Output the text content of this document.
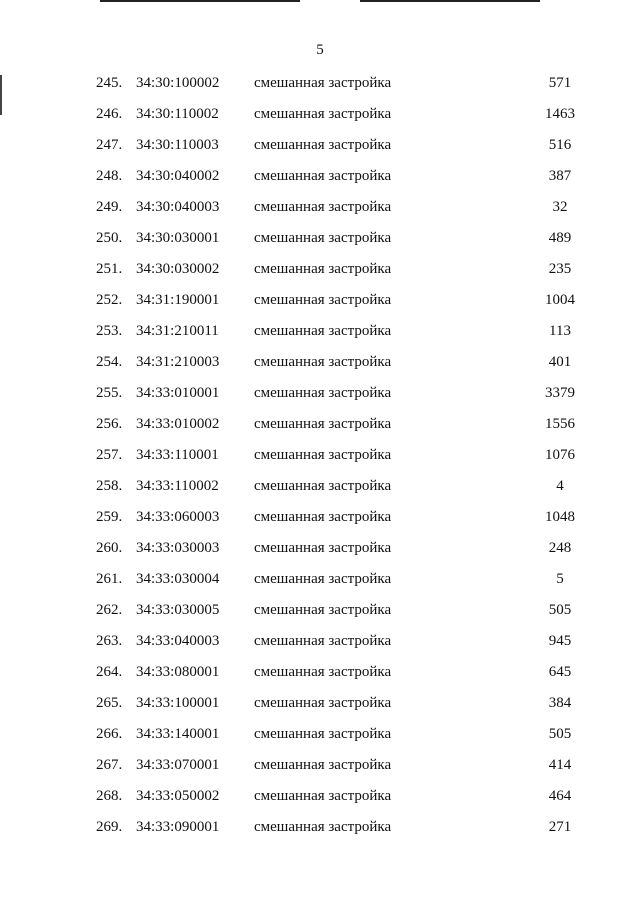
5
245. 34:30:100002	смешанная застройка	571
246. 34:30:110002	смешанная застройка	1463
247. 34:30:110003	смешанная застройка	516
248. 34:30:040002	смешанная застройка	387
249. 34:30:040003	смешанная застройка	32
250. 34:30:030001	смешанная застройка	489
251. 34:30:030002	смешанная застройка	235
252. 34:31:190001	смешанная застройка	1004
253. 34:31:210011	смешанная застройка	113
254. 34:31:210003	смешанная застройка	401
255. 34:33:010001	смешанная застройка	3379
256. 34:33:010002	смешанная застройка	1556
257. 34:33:110001	смешанная застройка	1076
258. 34:33:110002	смешанная застройка	4
259. 34:33:060003	смешанная застройка	1048
260. 34:33:030003	смешанная застройка	248
261. 34:33:030004	смешанная застройка	5
262. 34:33:030005	смешанная застройка	505
263. 34:33:040003	смешанная застройка	945
264. 34:33:080001	смешанная застройка	645
265. 34:33:100001	смешанная застройка	384
266. 34:33:140001	смешанная застройка	505
267. 34:33:070001	смешанная застройка	414
268. 34:33:050002	смешанная застройка	464
269. 34:33:090001	смешанная застройка	271
